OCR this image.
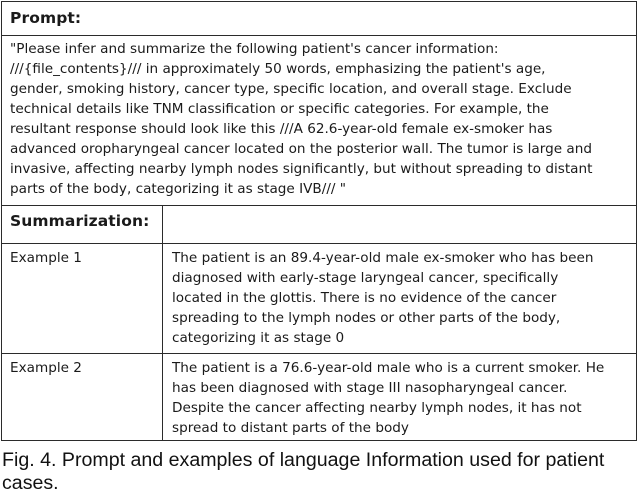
Prompt:
"Please infer and summarize the following patient's cancer information:
///{file_contents}/// in approximately 50 words, emphasizing the patient's age,
gender, smoking history, cancer type, specific location, and overall stage. Exclude
technical details like TNM classification or specific categories. For example, the
resultant response should look like this ///A 62.6-year-old female ex-smoker has
advanced oropharyngeal cancer located on the posterior wall. The tumor is large and
invasive, affecting nearby lymph nodes significantly, but without spreading to distant
parts of the body, categorizing it as stage IVB/// "
Summarization:
Example 1	The patient is an 89.4-year-old male ex-smoker who has been
diagnosed with early-stage laryngeal cancer, specifically
located in the glottis. There is no evidence of the cancer
spreading to the lymph nodes or other parts of the body,
categorizing it as stage 0
Example 2	The patient is a 76.6-year-old male who is a current smoker. He
has been diagnosed with stage III nasopharyngeal cancer.
Despite the cancer affecting nearby lymph nodes, it has not
spread to distant parts of the body
Fig. 4. Prompt and examples of language Information used for patient
cases.
